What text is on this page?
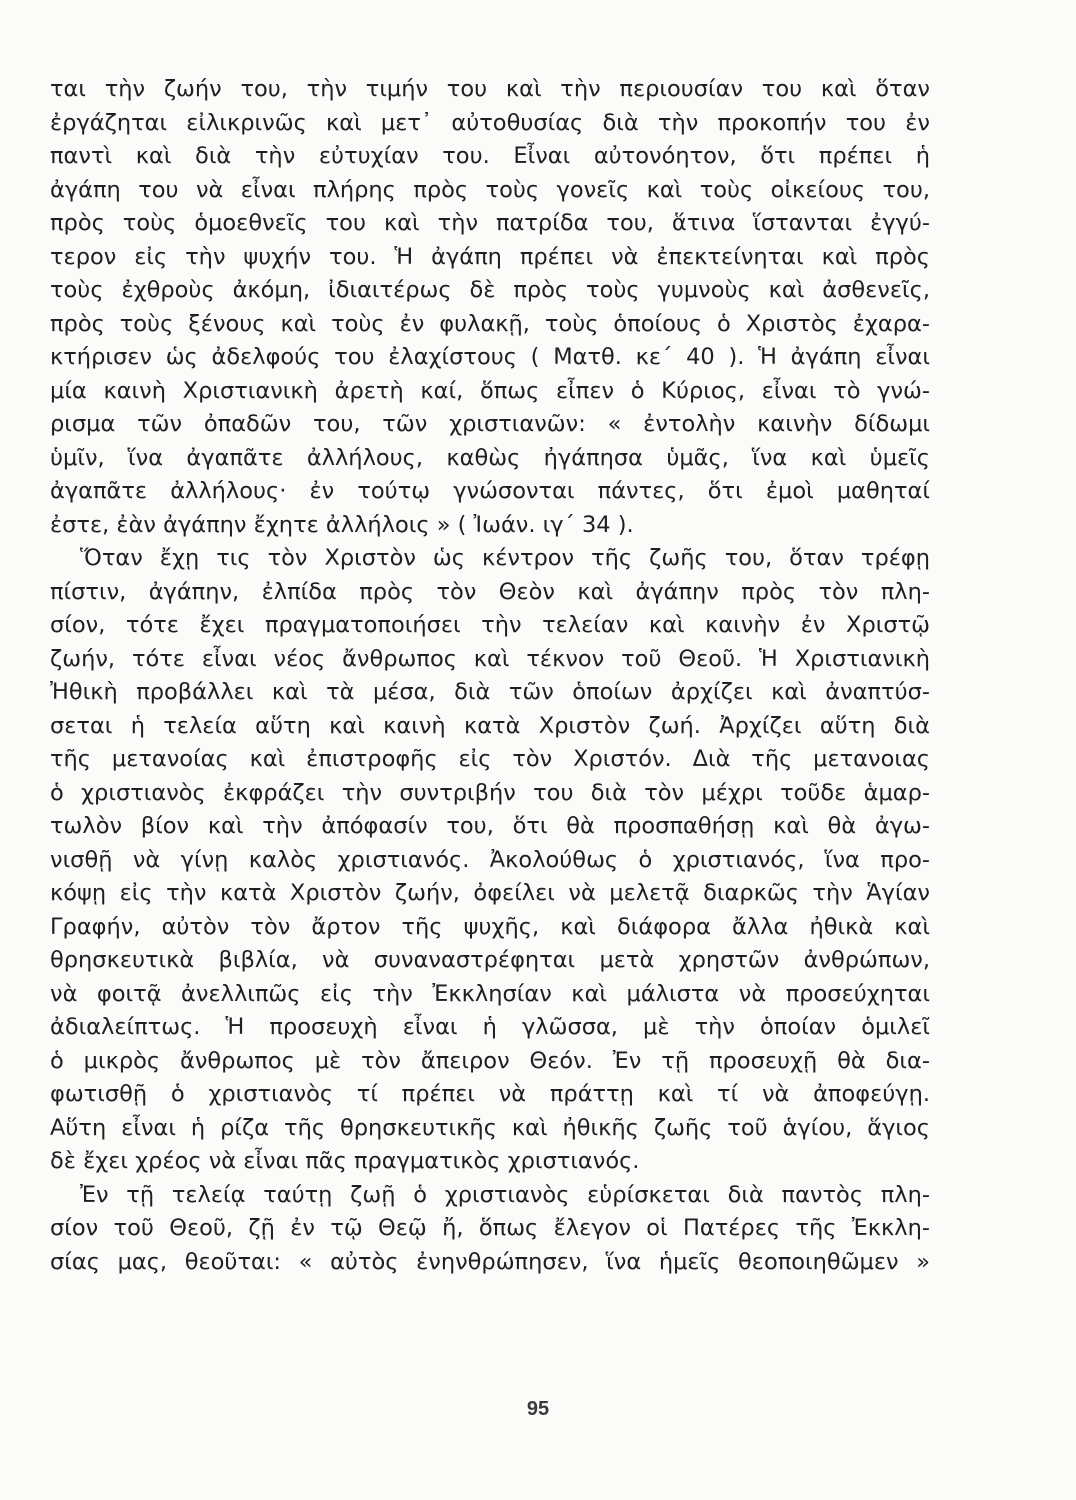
ται τὴν ζωήν του, τὴν τιμήν του καὶ τὴν περιουσίαν του καὶ ὅταν
ἐργάζηται εἰλικρινῶς καὶ μετ᾽ αὐτοθυσίας διὰ τὴν προκοπήν του ἐν
παντὶ καὶ διὰ τὴν εὐτυχίαν του. Εἶναι αὐτονόητον, ὅτι πρέπει ἡ
ἀγάπη του νὰ εἶναι πλήρης πρὸς τοὺς γονεῖς καὶ τοὺς οἰκείους του,
πρὸς τοὺς ὁμοεθνεῖς του καὶ τὴν πατρίδα του, ἅτινα ἵστανται ἐγγύ-
τερον εἰς τὴν ψυχήν του. Ἡ ἀγάπη πρέπει νὰ ἐπεκτείνηται καὶ πρὸς
τοὺς ἐχθροὺς ἀκόμη, ἰδιαιτέρως δὲ πρὸς τοὺς γυμνοὺς καὶ ἀσθενεῖς,
πρὸς τοὺς ξένους καὶ τοὺς ἐν φυλακῇ, τοὺς ὁποίους ὁ Χριστὸς ἐχαρα-
κτήρισεν ὡς ἀδελφούς του ἐλαχίστους ( Ματθ. κε΄ 40 ). Ἡ ἀγάπη εἶναι
μία καινὴ Χριστιανικὴ ἀρετὴ καί, ὅπως εἶπεν ὁ Κύριος, εἶναι τὸ γνώ-
ρισμα τῶν ὀπαδῶν του, τῶν χριστιανῶν: « ἐντολὴν καινὴν δίδωμι
ὑμῖν, ἵνα ἀγαπᾶτε ἀλλήλους, καθὼς ἠγάπησα ὑμᾶς, ἵνα καὶ ὑμεῖς
ἀγαπᾶτε ἀλλήλους· ἐν τούτῳ γνώσονται πάντες, ὅτι ἐμοὶ μαθηταί
ἐστε, ἐὰν ἀγάπην ἔχητε ἀλλήλοις » ( Ἰωάν. ιγ΄ 34 ).
Ὅταν ἔχῃ τις τὸν Χριστὸν ὡς κέντρον τῆς ζωῆς του, ὅταν τρέφῃ
πίστιν, ἀγάπην, ἐλπίδα πρὸς τὸν Θεὸν καὶ ἀγάπην πρὸς τὸν πλη-
σίον, τότε ἔχει πραγματοποιήσει τὴν τελείαν καὶ καινὴν ἐν Χριστῷ
ζωήν, τότε εἶναι νέος ἄνθρωπος καὶ τέκνον τοῦ Θεοῦ. Ἡ Χριστιανικὴ
Ἠθικὴ προβάλλει καὶ τὰ μέσα, διὰ τῶν ὁποίων ἀρχίζει καὶ ἀναπτύσ-
σεται ἡ τελεία αὕτη καὶ καινὴ κατὰ Χριστὸν ζωή. Ἀρχίζει αὕτη διὰ
τῆς μετανοίας καὶ ἐπιστροφῆς εἰς τὸν Χριστόν. Διὰ τῆς μετανοιας
ὁ χριστιανὸς ἐκφράζει τὴν συντριβήν του διὰ τὸν μέχρι τοῦδε ἁμαρ-
τωλὸν βίον καὶ τὴν ἀπόφασίν του, ὅτι θὰ προσπαθήσῃ καὶ θὰ ἀγω-
νισθῇ νὰ γίνῃ καλὸς χριστιανός. Ἀκολούθως ὁ χριστιανός, ἵνα προ-
κόψῃ εἰς τὴν κατὰ Χριστὸν ζωήν, ὀφείλει νὰ μελετᾷ διαρκῶς τὴν Ἁγίαν
Γραφήν, αὐτὸν τὸν ἄρτον τῆς ψυχῆς, καὶ διάφορα ἄλλα ἠθικὰ καὶ
θρησκευτικὰ βιβλία, νὰ συναναστρέφηται μετὰ χρηστῶν ἀνθρώπων,
νὰ φοιτᾷ ἀνελλιπῶς εἰς τὴν Ἐκκλησίαν καὶ μάλιστα νὰ προσεύχηται
ἀδιαλείπτως. Ἡ προσευχὴ εἶναι ἡ γλῶσσα, μὲ τὴν ὁποίαν ὁμιλεῖ
ὁ μικρὸς ἄνθρωπος μὲ τὸν ἄπειρον Θεόν. Ἐν τῇ προσευχῇ θὰ δια-
φωτισθῇ ὁ χριστιανὸς τί πρέπει νὰ πράττῃ καὶ τί νὰ ἀποφεύγῃ.
Αὕτη εἶναι ἡ ρίζα τῆς θρησκευτικῆς καὶ ἠθικῆς ζωῆς τοῦ ἁγίου, ἅγιος
δὲ ἔχει χρέος νὰ εἶναι πᾶς πραγματικὸς χριστιανός.
Ἐν τῇ τελείᾳ ταύτῃ ζωῇ ὁ χριστιανὸς εὑρίσκεται διὰ παντὸς πλη-
σίον τοῦ Θεοῦ, ζῇ ἐν τῷ Θεῷ ἤ, ὅπως ἔλεγον οἱ Πατέρες τῆς Ἐκκλη-
σίας μας, θεοῦται: « αὐτὸς ἐνηνθρώπησεν, ἵνα ἡμεῖς θεοποιηθῶμεν »
95
